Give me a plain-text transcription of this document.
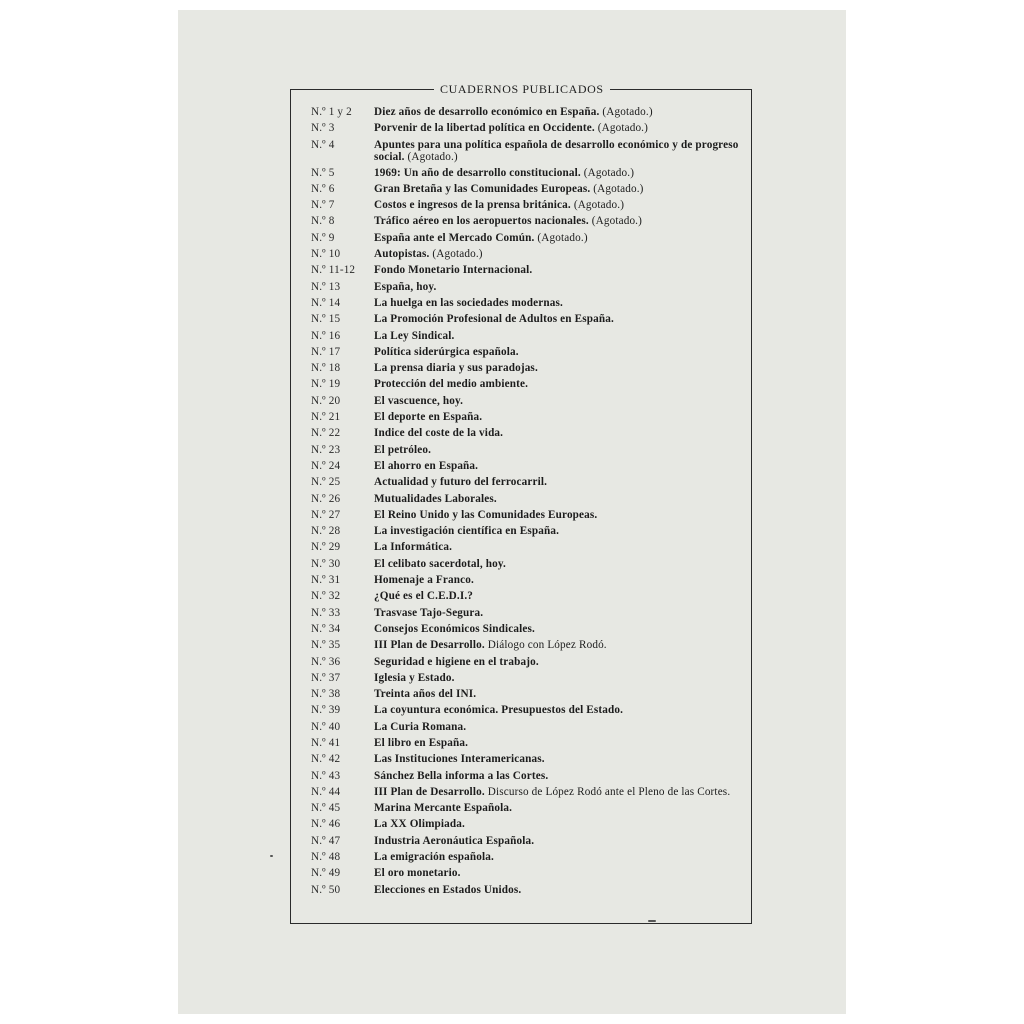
CUADERNOS PUBLICADOS
N.º 1 y 2	Diez años de desarrollo económico en España. (Agotado.)
N.º 3	Porvenir de la libertad política en Occidente. (Agotado.)
N.º 4	Apuntes para una política española de desarrollo económico y de progreso social. (Agotado.)
N.º 5	1969: Un año de desarrollo constitucional. (Agotado.)
N.º 6	Gran Bretaña y las Comunidades Europeas. (Agotado.)
N.º 7	Costos e ingresos de la prensa británica. (Agotado.)
N.º 8	Tráfico aéreo en los aeropuertos nacionales. (Agotado.)
N.º 9	España ante el Mercado Común. (Agotado.)
N.º 10	Autopistas. (Agotado.)
N.º 11-12	Fondo Monetario Internacional.
N.º 13	España, hoy.
N.º 14	La huelga en las sociedades modernas.
N.º 15	La Promoción Profesional de Adultos en España.
N.º 16	La Ley Sindical.
N.º 17	Política siderúrgica española.
N.º 18	La prensa diaria y sus paradojas.
N.º 19	Protección del medio ambiente.
N.º 20	El vascuence, hoy.
N.º 21	El deporte en España.
N.º 22	Indice del coste de la vida.
N.º 23	El petróleo.
N.º 24	El ahorro en España.
N.º 25	Actualidad y futuro del ferrocarril.
N.º 26	Mutualidades Laborales.
N.º 27	El Reino Unido y las Comunidades Europeas.
N.º 28	La investigación científica en España.
N.º 29	La Informática.
N.º 30	El celibato sacerdotal, hoy.
N.º 31	Homenaje a Franco.
N.º 32	¿Qué es el C.E.D.I.?
N.º 33	Trasvase Tajo-Segura.
N.º 34	Consejos Económicos Sindicales.
N.º 35	III Plan de Desarrollo. Diálogo con López Rodó.
N.º 36	Seguridad e higiene en el trabajo.
N.º 37	Iglesia y Estado.
N.º 38	Treinta años del INI.
N.º 39	La coyuntura económica. Presupuestos del Estado.
N.º 40	La Curia Romana.
N.º 41	El libro en España.
N.º 42	Las Instituciones Interamericanas.
N.º 43	Sánchez Bella informa a las Cortes.
N.º 44	III Plan de Desarrollo. Discurso de López Rodó ante el Pleno de las Cortes.
N.º 45	Marina Mercante Española.
N.º 46	La XX Olimpiada.
N.º 47	Industria Aeronáutica Española.
N.º 48	La emigración española.
N.º 49	El oro monetario.
N.º 50	Elecciones en Estados Unidos.
